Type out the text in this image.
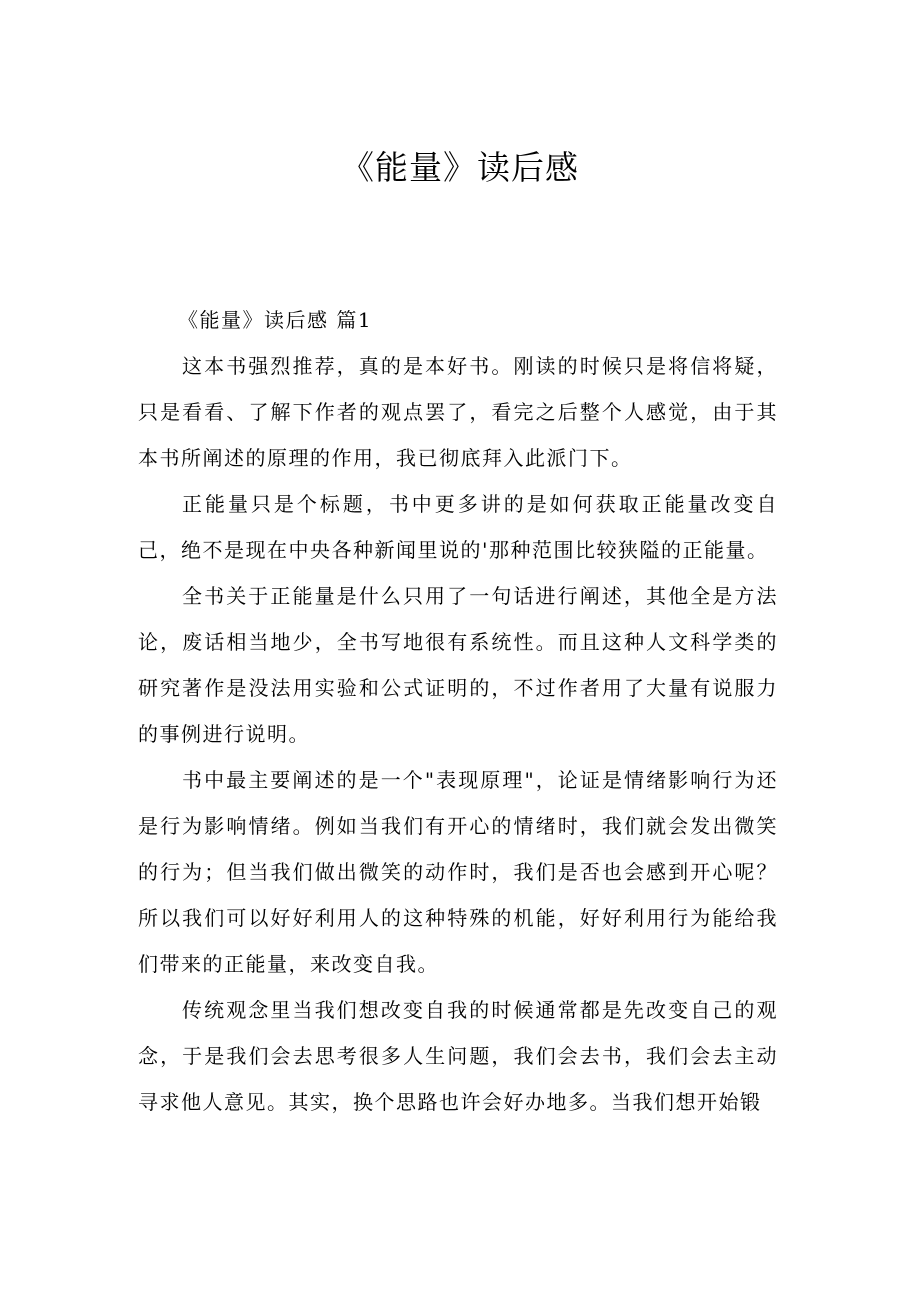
《能量》读后感

《能量》读后感 篇1

这本书强烈推荐，真的是本好书。刚读的时候只是将信将疑，只是看看、了解下作者的观点罢了，看完之后整个人感觉，由于其本书所阐述的原理的作用，我已彻底拜入此派门下。

正能量只是个标题，书中更多讲的是如何获取正能量改变自己，绝不是现在中央各种新闻里说的'那种范围比较狭隘的正能量。

全书关于正能量是什么只用了一句话进行阐述，其他全是方法论，废话相当地少，全书写地很有系统性。而且这种人文科学类的研究著作是没法用实验和公式证明的，不过作者用了大量有说服力的事例进行说明。

书中最主要阐述的是一个"表现原理"，论证是情绪影响行为还是行为影响情绪。例如当我们有开心的情绪时，我们就会发出微笑的行为；但当我们做出微笑的动作时，我们是否也会感到开心呢？所以我们可以好好利用人的这种特殊的机能，好好利用行为能给我们带来的正能量，来改变自我。

传统观念里当我们想改变自我的时候通常都是先改变自己的观念，于是我们会去思考很多人生问题，我们会去书，我们会去主动寻求他人意见。其实，换个思路也许会好办地多。当我们想开始锻
